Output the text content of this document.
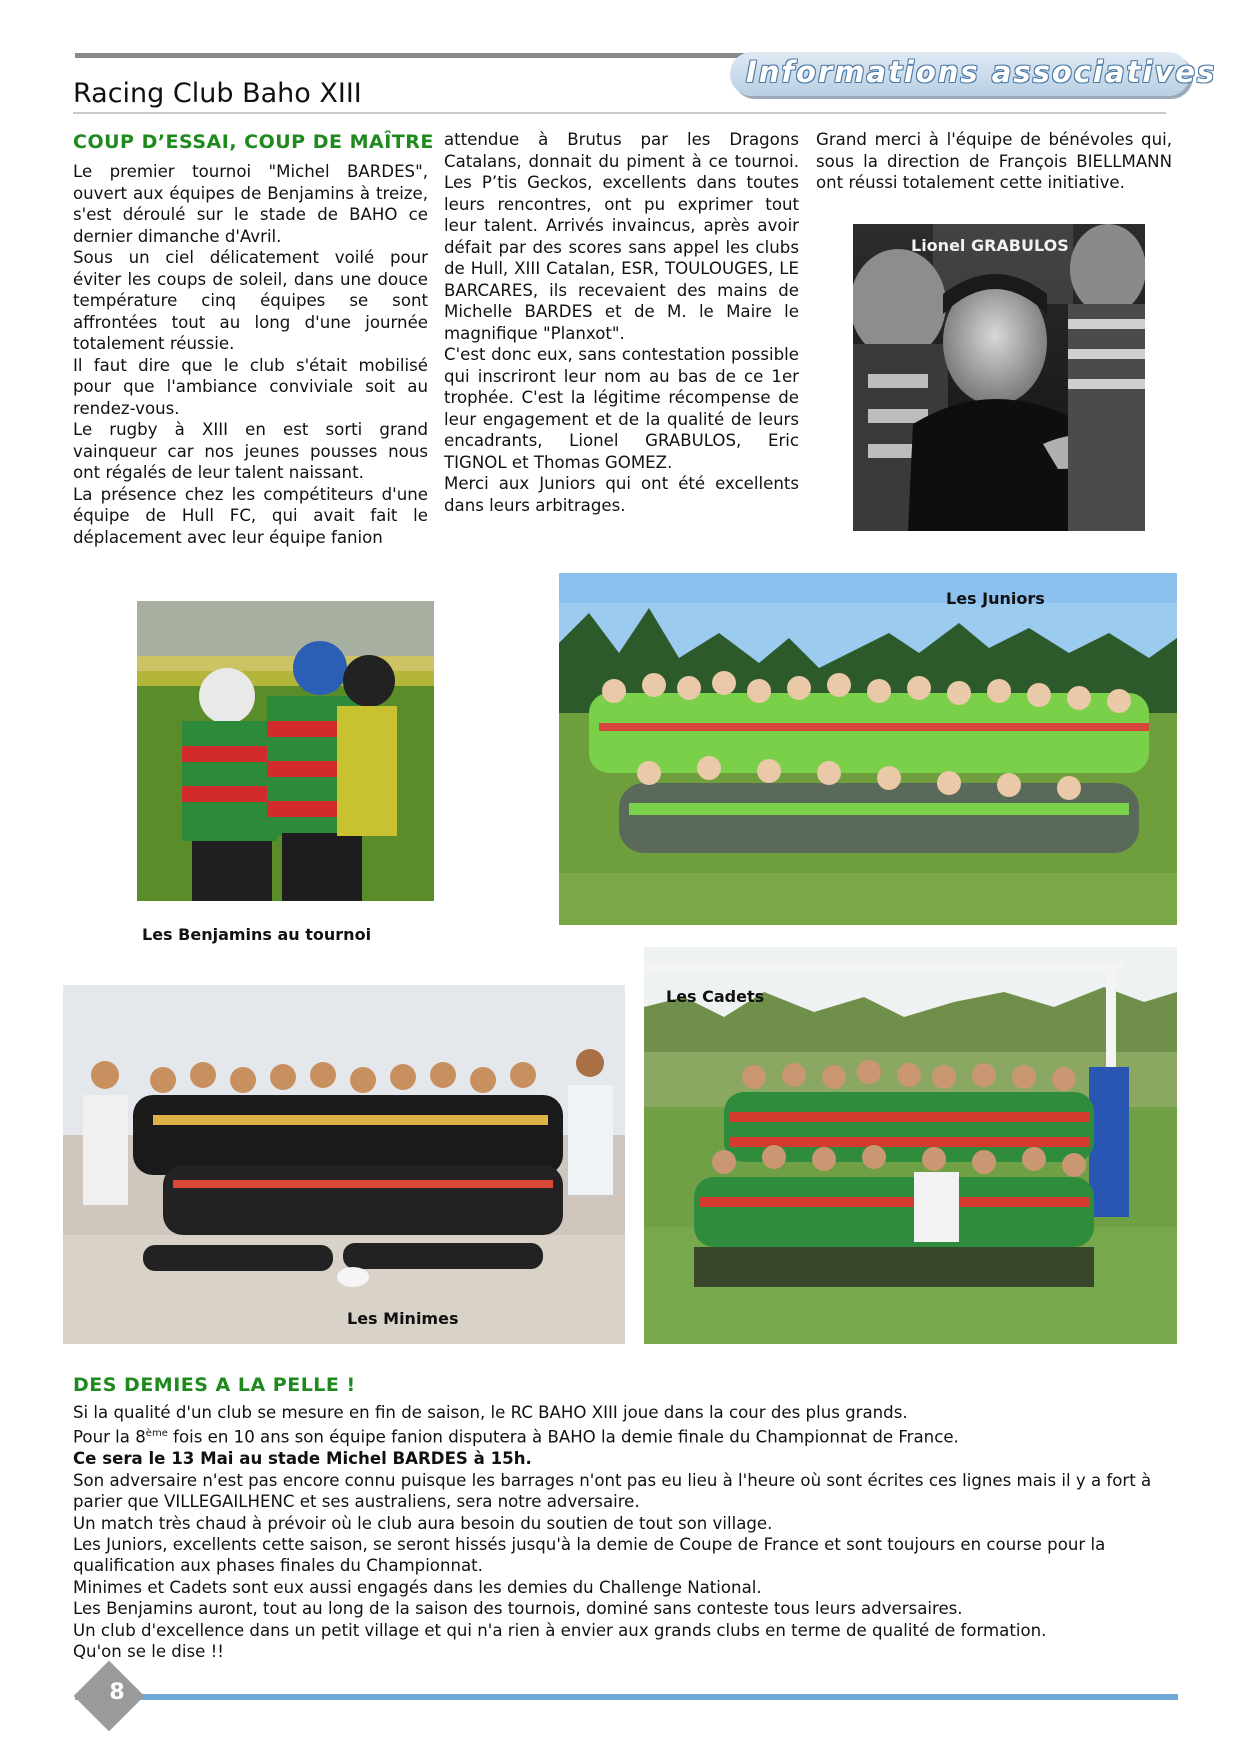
Informations associatives
Racing Club Baho XIII
COUP D’ESSAI, COUP DE MAÎTRE

Le premier tournoi "Michel BARDES", ouvert aux équipes de Benjamins à treize, s'est déroulé sur le stade de BAHO ce dernier dimanche d'Avril.

Sous un ciel délicatement voilé pour éviter les coups de soleil, dans une douce température cinq équipes se sont affrontées tout au long d'une journée totalement réussie.

Il faut dire que le club s'était mobilisé pour que l'ambiance conviviale soit au rendez-vous.

Le rugby à XIII en est sorti grand vainqueur car nos jeunes pousses nous ont régalés de leur talent naissant.

La présence chez les compétiteurs d'une équipe de Hull FC, qui avait fait le déplacement avec leur équipe fanion

attendue à Brutus par les Dragons Catalans, donnait du piment à ce tournoi. Les P’tis Geckos, excellents dans toutes leurs rencontres, ont pu exprimer tout leur talent. Arrivés invaincus, après avoir défait par des scores sans appel les clubs de Hull, XIII Catalan, ESR, TOULOUGES, LE BARCARES, ils recevaient des mains de Michelle BARDES et de M. le Maire le magnifique "Planxot".

C'est donc eux, sans contestation possible qui inscriront leur nom au bas de ce 1er trophée. C'est la légitime récompense de leur engagement et de la qualité de leurs encadrants, Lionel GRABULOS, Eric TIGNOL et Thomas GOMEZ.

Merci aux Juniors qui ont été excellents dans leurs arbitrages.

Grand merci à l'équipe de bénévoles qui, sous la direction de François BIELLMANN ont réussi totalement cette initiative.

Lionel GRABULOS
Les Benjamins au tournoi
Les Juniors
Les Minimes
Les Cadets
DES DEMIES A LA PELLE !

Si la qualité d'un club se mesure en fin de saison, le RC BAHO XIII joue dans la cour des plus grands.

Pour la 8ème fois en 10 ans son équipe fanion disputera à BAHO la demie finale du Championnat de France.

Ce sera le 13 Mai au stade Michel BARDES à 15h.

Son adversaire n'est pas encore connu puisque les barrages n'ont pas eu lieu à l'heure où sont écrites ces lignes mais il y a fort à parier que VILLEGAILHENC et ses australiens, sera notre adversaire.

Un match très chaud à prévoir où le club aura besoin du soutien de tout son village.

Les Juniors, excellents cette saison, se seront hissés jusqu'à la demie de Coupe de France et sont toujours en course pour la qualification aux phases finales du Championnat.

Minimes et Cadets sont eux aussi engagés dans les demies du Challenge National.

Les Benjamins auront, tout au long de la saison des tournois, dominé sans conteste tous leurs adversaires.

Un club d'excellence dans un petit village et qui n'a rien à envier aux grands clubs en terme de qualité de formation.

Qu'on se le dise !!

8
